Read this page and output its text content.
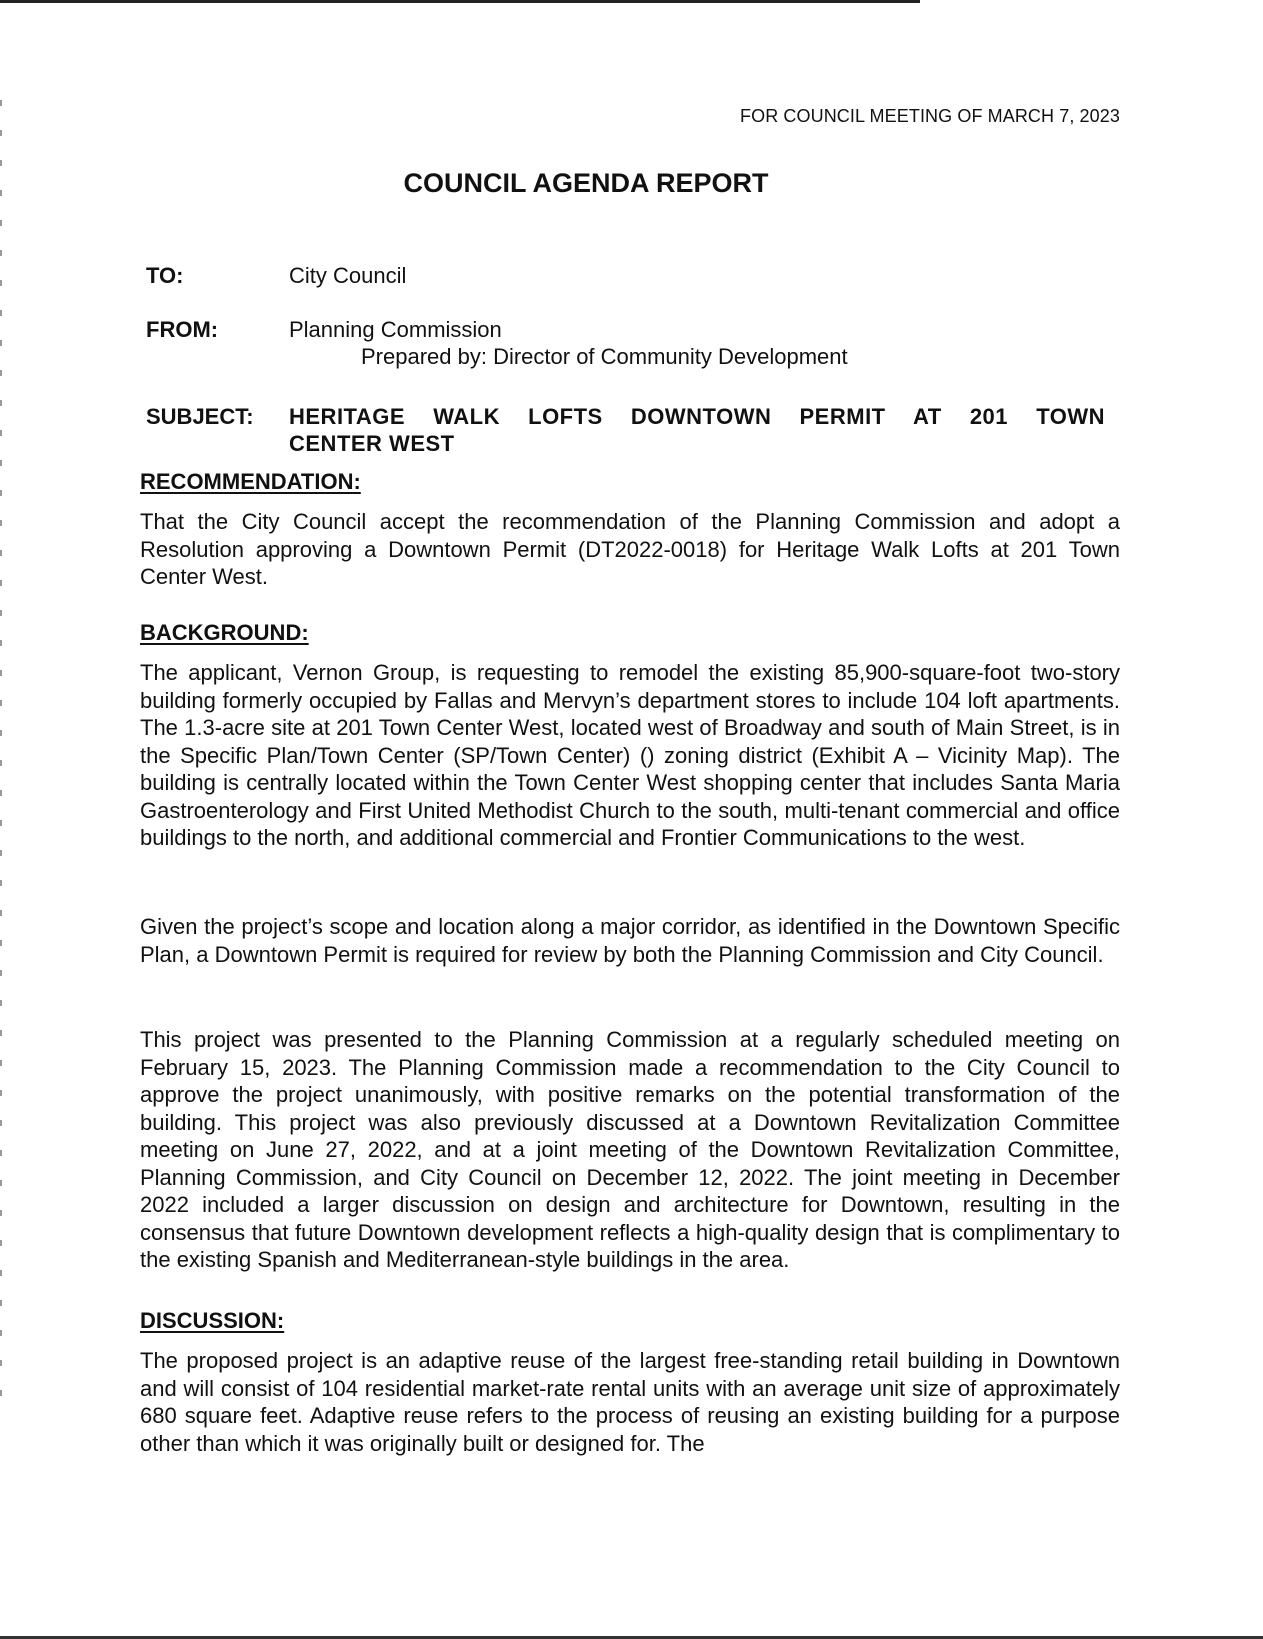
FOR COUNCIL MEETING OF MARCH 7, 2023
COUNCIL AGENDA REPORT
TO:	City Council
FROM:	Planning Commission
Prepared by: Director of Community Development
SUBJECT: HERITAGE WALK LOFTS DOWNTOWN PERMIT AT 201 TOWN
CENTER WEST
RECOMMENDATION:
That the City Council accept the recommendation of the Planning Commission and adopt a Resolution approving a Downtown Permit (DT2022-0018) for Heritage Walk Lofts at 201 Town Center West.
BACKGROUND:
The applicant, Vernon Group, is requesting to remodel the existing 85,900-square-foot two-story building formerly occupied by Fallas and Mervyn’s department stores to include 104 loft apartments. The 1.3-acre site at 201 Town Center West, located west of Broadway and south of Main Street, is in the Specific Plan/Town Center (SP/Town Center) () zoning district (Exhibit A – Vicinity Map). The building is centrally located within the Town Center West shopping center that includes Santa Maria Gastroenterology and First United Methodist Church to the south, multi-tenant commercial and office buildings to the north, and additional commercial and Frontier Communications to the west.
Given the project’s scope and location along a major corridor, as identified in the Downtown Specific Plan, a Downtown Permit is required for review by both the Planning Commission and City Council.
This project was presented to the Planning Commission at a regularly scheduled meeting on February 15, 2023. The Planning Commission made a recommendation to the City Council to approve the project unanimously, with positive remarks on the potential transformation of the building. This project was also previously discussed at a Downtown Revitalization Committee meeting on June 27, 2022, and at a joint meeting of the Downtown Revitalization Committee, Planning Commission, and City Council on December 12, 2022. The joint meeting in December 2022 included a larger discussion on design and architecture for Downtown, resulting in the consensus that future Downtown development reflects a high-quality design that is complimentary to the existing Spanish and Mediterranean-style buildings in the area.
DISCUSSION:
The proposed project is an adaptive reuse of the largest free-standing retail building in Downtown and will consist of 104 residential market-rate rental units with an average unit size of approximately 680 square feet. Adaptive reuse refers to the process of reusing an existing building for a purpose other than which it was originally built or designed for. The
